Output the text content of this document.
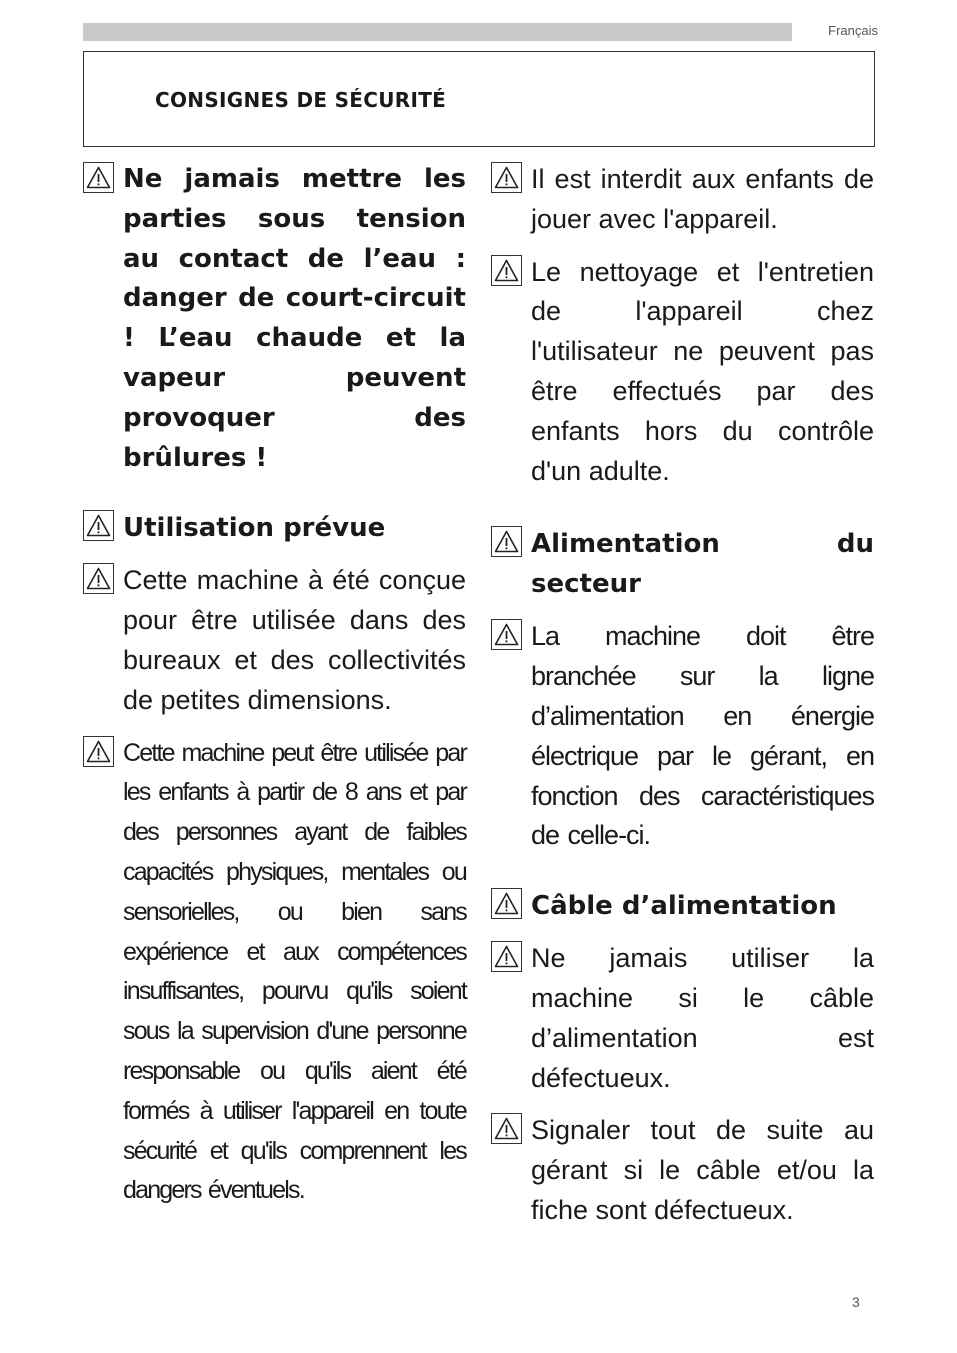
Français
CONSIGNES DE SÉCURITÉ

Ne jamais mettre les parties sous tension au contact de l’eau : danger de court-circuit ! L’eau chaude et la vapeur peuvent provoquer des brûlures !

Utilisation prévue

Cette machine à été conçue pour être utilisée dans des bureaux et des collectivités de petites dimensions.

Cette machine peut être utilisée par les enfants à partir de 8 ans et par des personnes ayant de faibles capacités physiques, mentales ou sensorielles, ou bien sans expérience et aux compétences insuffisantes, pourvu qu'ils soient sous la supervision d'une personne responsable ou qu'ils aient été formés à utiliser l'appareil en toute sécurité et qu'ils comprennent les dangers éventuels.

Il est interdit aux enfants de jouer avec l'appareil.

Le nettoyage et l'entretien de l'appareil chez l'utilisateur ne peuvent pas être effectués par des enfants hors du contrôle d'un adulte.

Alimentation du secteur

La machine doit être branchée sur la ligne d’alimentation en énergie électrique par le gérant, en fonction des caractéristiques de celle-ci.

Câble d’alimentation

Ne jamais utiliser la machine si le câble d’alimentation est défectueux.

Signaler tout de suite au gérant si le câble et/ou la fiche sont défectueux.

3
